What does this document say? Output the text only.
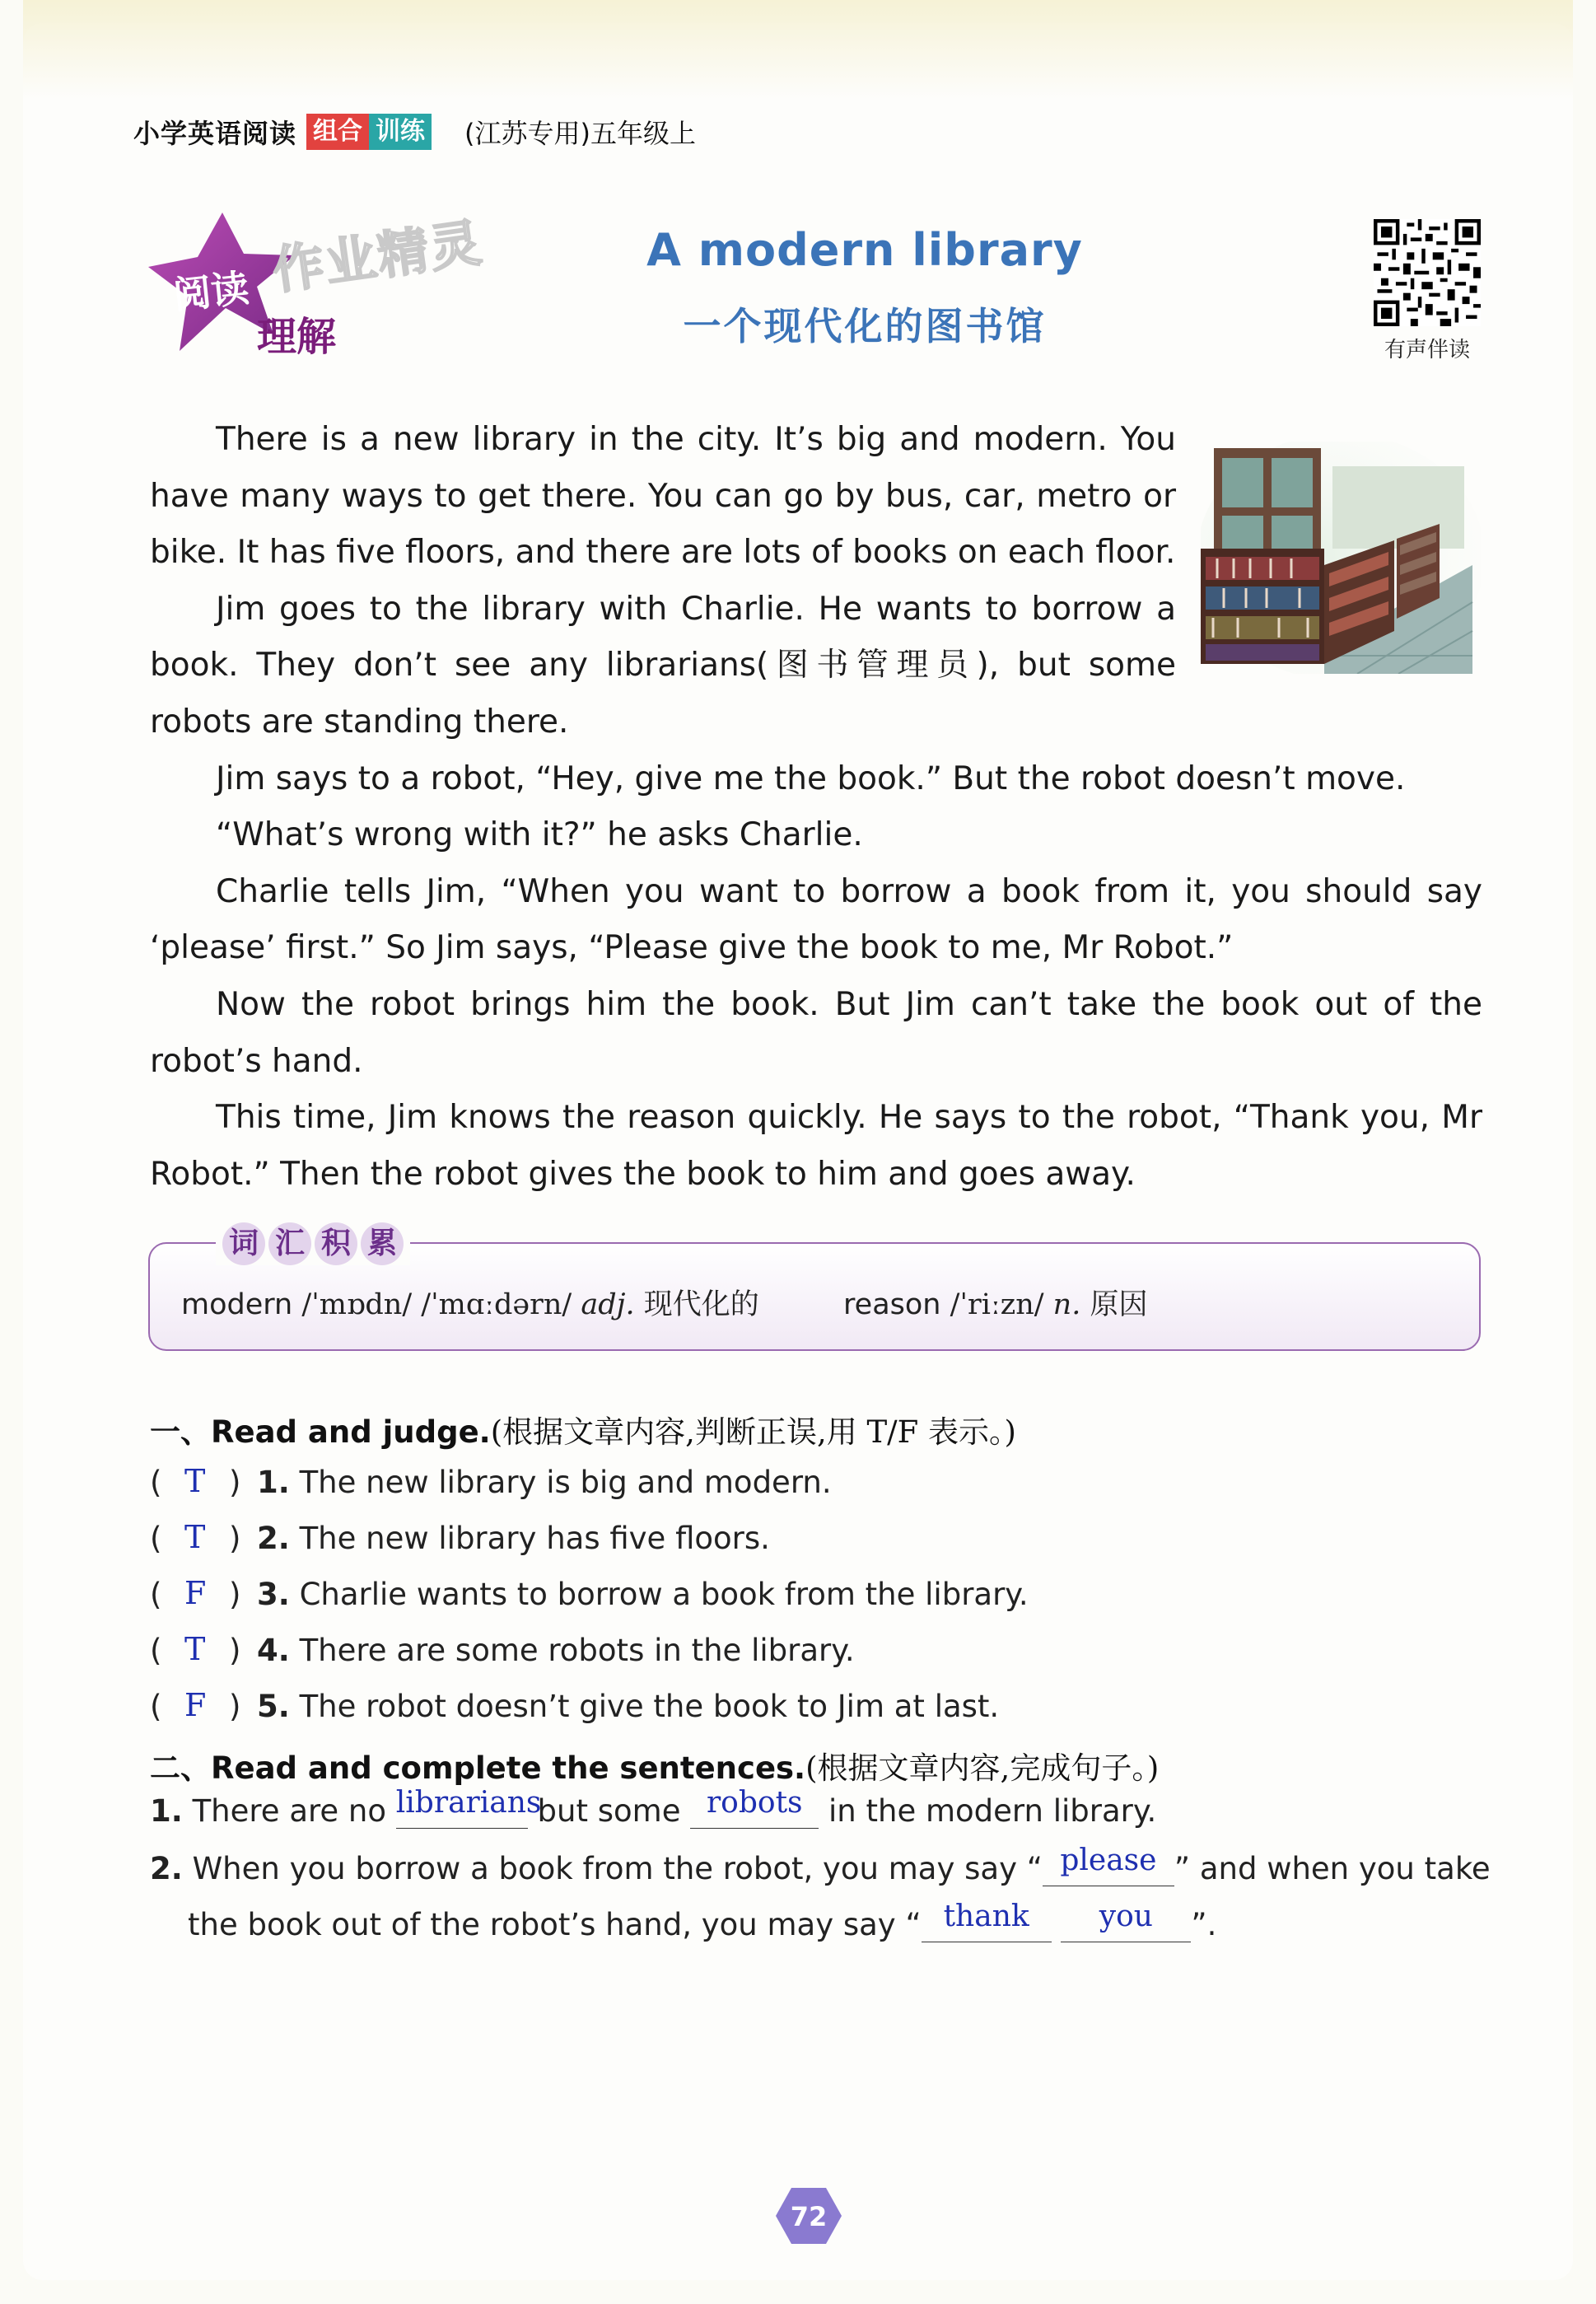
小学英语阅读 组合 训练 (江苏专用)五年级上
作业精灵
阅读
理解
A modern library
一个现代化的图书馆
有声伴读

There is a new library in the city. It’s big and modern. You have many ways to get there. You can go by bus, car, metro or bike. It has five floors, and there are lots of books on each floor.

Jim goes to the library with Charlie. He wants to borrow a book. They don’t see any librarians(图书管理员), but some robots are standing there.

Jim says to a robot, “Hey, give me the book.” But the robot doesn’t move.

“What’s wrong with it?” he asks Charlie.

Charlie tells Jim, “When you want to borrow a book from it, you should say ‘please’ first.” So Jim says, “Please give the book to me, Mr Robot.”

Now the robot brings him the book. But Jim can’t take the book out of the robot’s hand.

This time, Jim knows the reason quickly. He says to the robot, “Thank you, Mr Robot.” Then the robot gives the book to him and goes away.

词 汇 积 累
modern /ˈmɒdn/ /ˈmɑːdərn/ adj. 现代化的	reason /ˈriːzn/ n. 原因
一、Read and judge.(根据文章内容,判断正误,用 T/F 表示。)
( T ) 1. The new library is big and modern.
( T ) 2. The new library has five floors.
( F ) 3. Charlie wants to borrow a book from the library.
( T ) 4. There are some robots in the library.
( F ) 5. The robot doesn’t give the book to Jim at last.
二、Read and complete the sentences.(根据文章内容,完成句子。)
1. There are no librarians
but some robots in the modern library.
2. When you borrow a book from the robot, you may say “ please ” and when you take
the book out of the robot’s hand, you may say “ thank
	you	”.
72
